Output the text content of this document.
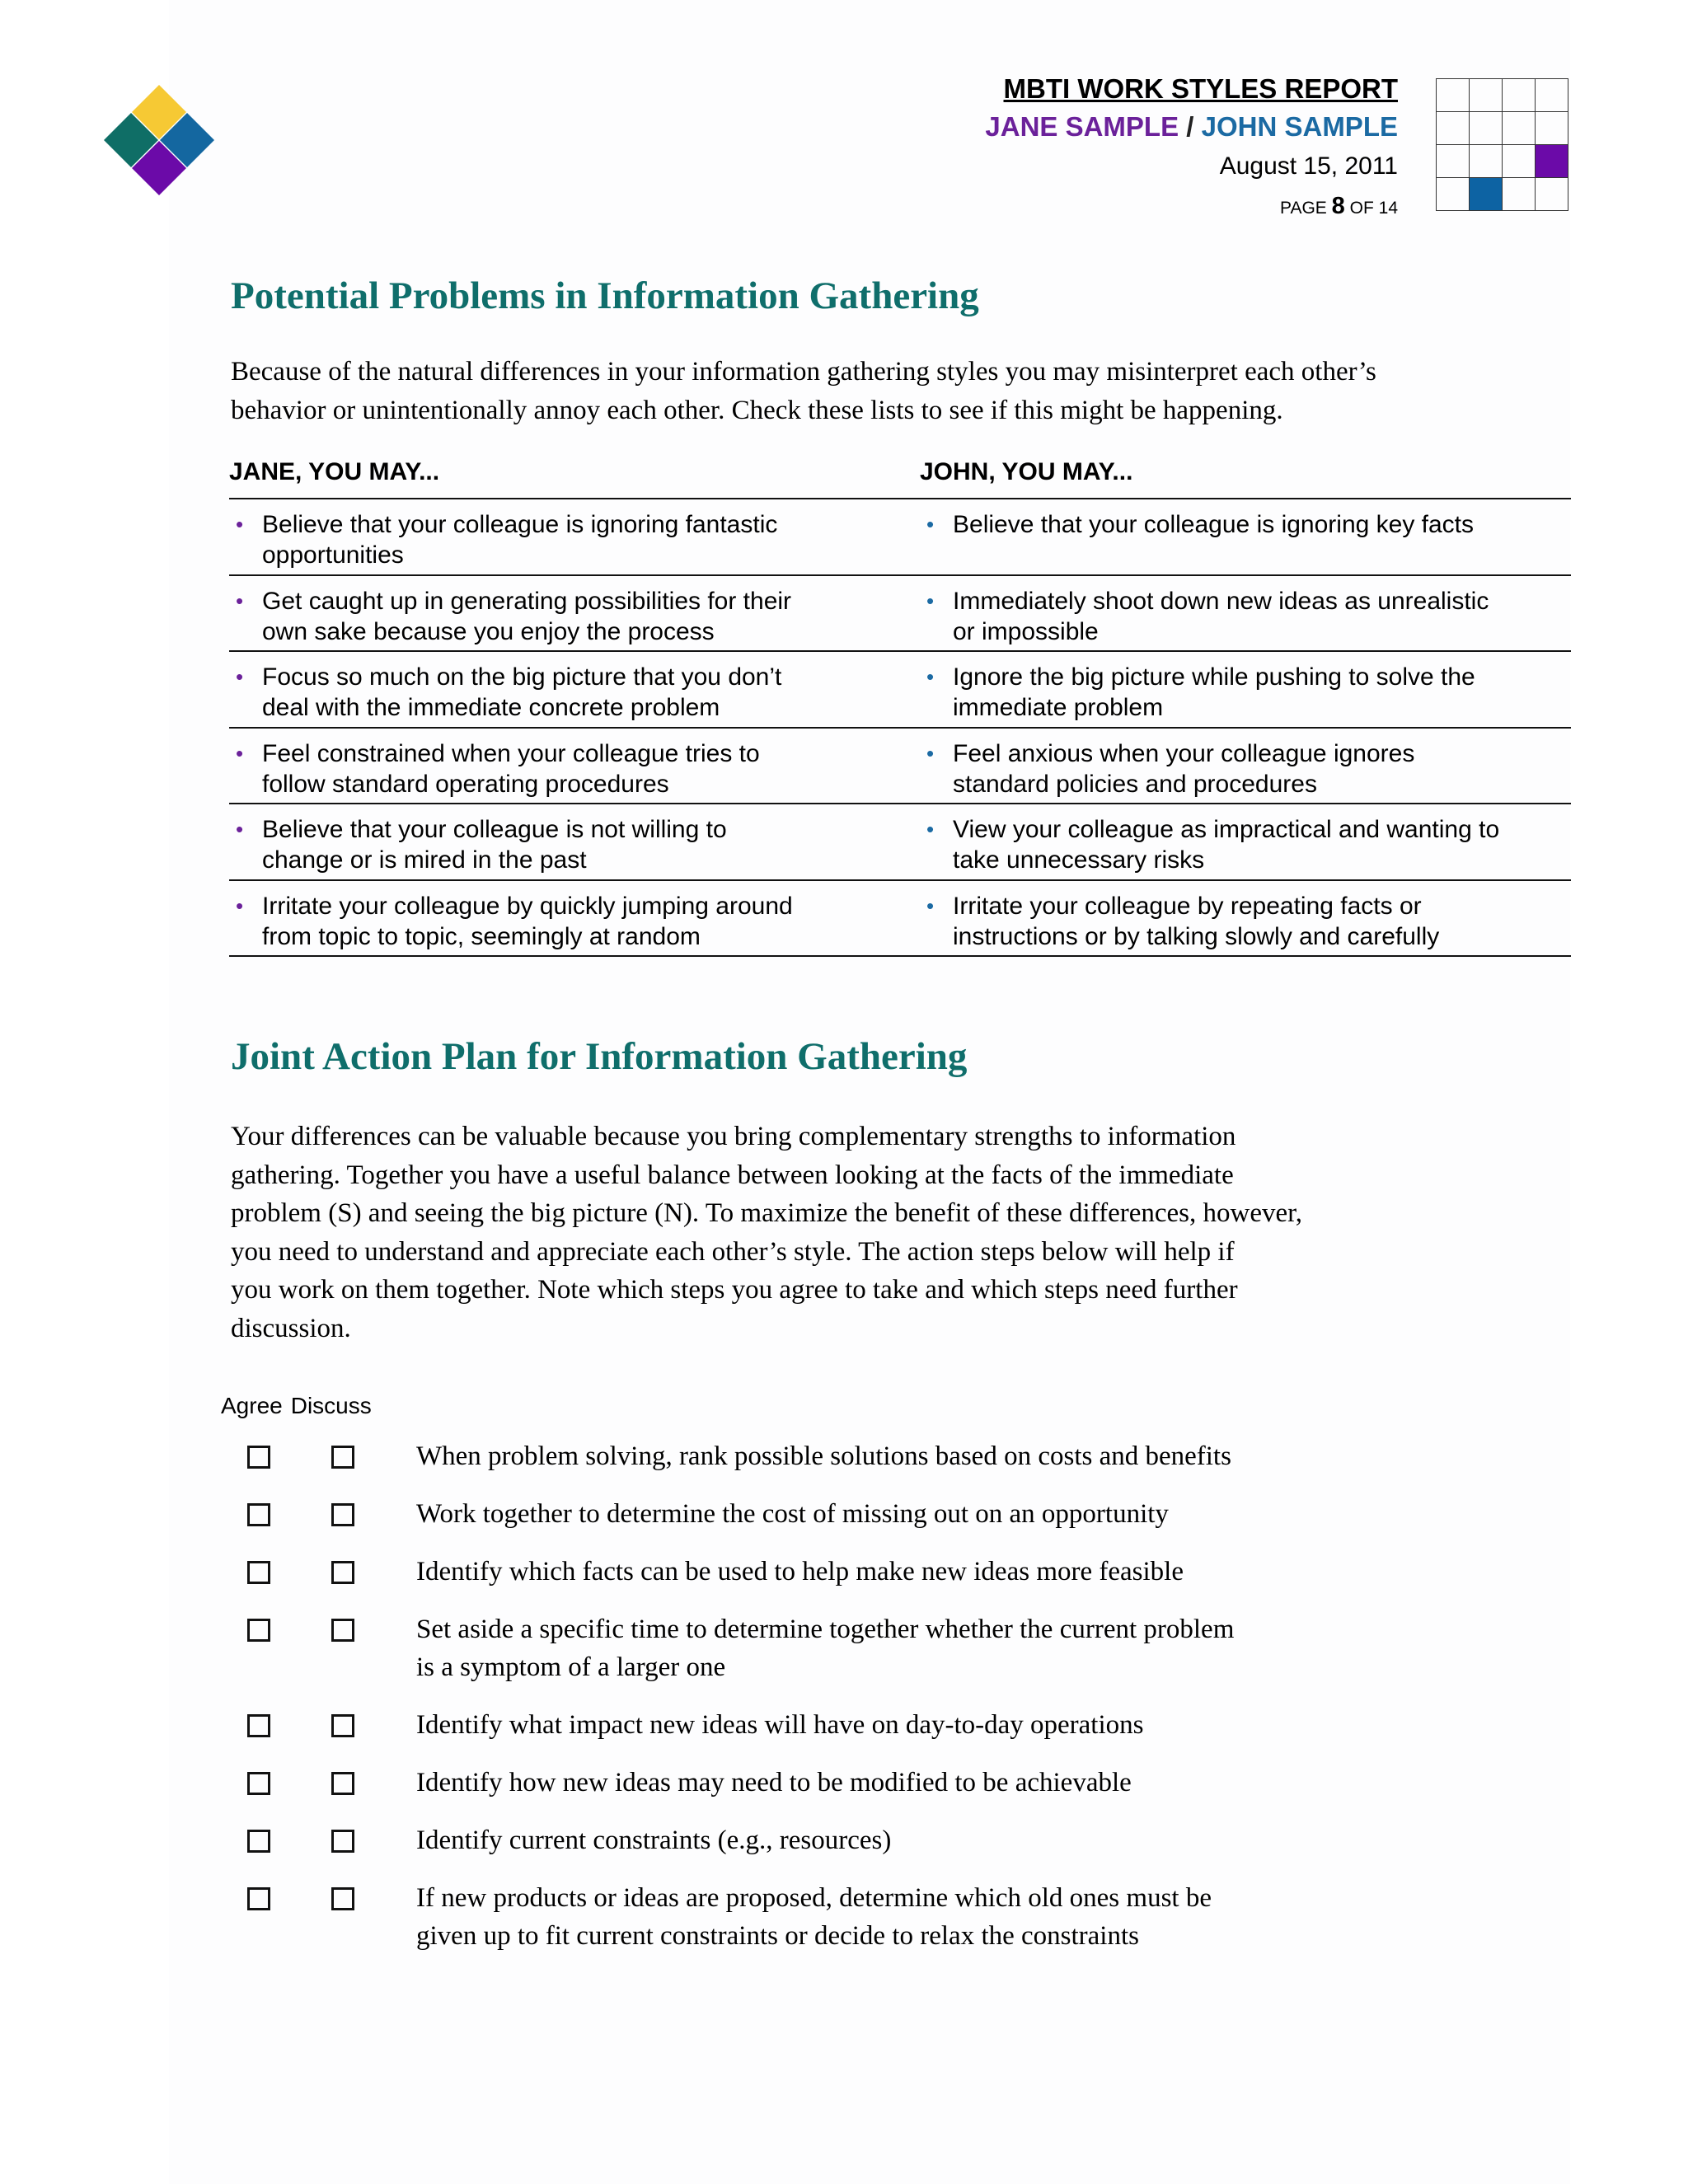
MBTI WORK STYLES REPORT
JANE SAMPLE / JOHN SAMPLE
August 15, 2011
PAGE 8 OF 14
Potential Problems in Information Gathering

Because of the natural differences in your information gathering styles you may misinterpret each other’s
behavior or unintentionally annoy each other. Check these lists to see if this might be happening.

JANE, YOU MAY...	JOHN, YOU MAY...
• Believe that your colleague is ignoring fantastic
opportunities
• Believe that your colleague is ignoring key facts
• Get caught up in generating possibilities for their
own sake because you enjoy the process
• Immediately shoot down new ideas as unrealistic
or impossible
• Focus so much on the big picture that you don’t
deal with the immediate concrete problem
• Ignore the big picture while pushing to solve the
immediate problem
• Feel constrained when your colleague tries to
follow standard operating procedures
• Feel anxious when your colleague ignores
standard policies and procedures
• Believe that your colleague is not willing to
change or is mired in the past
• View your colleague as impractical and wanting to
take unnecessary risks
• Irritate your colleague by quickly jumping around
from topic to topic, seemingly at random
• Irritate your colleague by repeating facts or
instructions or by talking slowly and carefully
Joint Action Plan for Information Gathering

Your differences can be valuable because you bring complementary strengths to information
gathering. Together you have a useful balance between looking at the facts of the immediate
problem (S) and seeing the big picture (N). To maximize the benefit of these differences, however,
you need to understand and appreciate each other’s style. The action steps below will help if
you work on them together. Note which steps you agree to take and which steps need further
discussion.

Agree Discuss
When problem solving, rank possible solutions based on costs and benefits
Work together to determine the cost of missing out on an opportunity
Identify which facts can be used to help make new ideas more feasible
Set aside a specific time to determine together whether the current problem
is a symptom of a larger one
Identify what impact new ideas will have on day-to-day operations
Identify how new ideas may need to be modified to be achievable
Identify current constraints (e.g., resources)
If new products or ideas are proposed, determine which old ones must be
given up to fit current constraints or decide to relax the constraints
